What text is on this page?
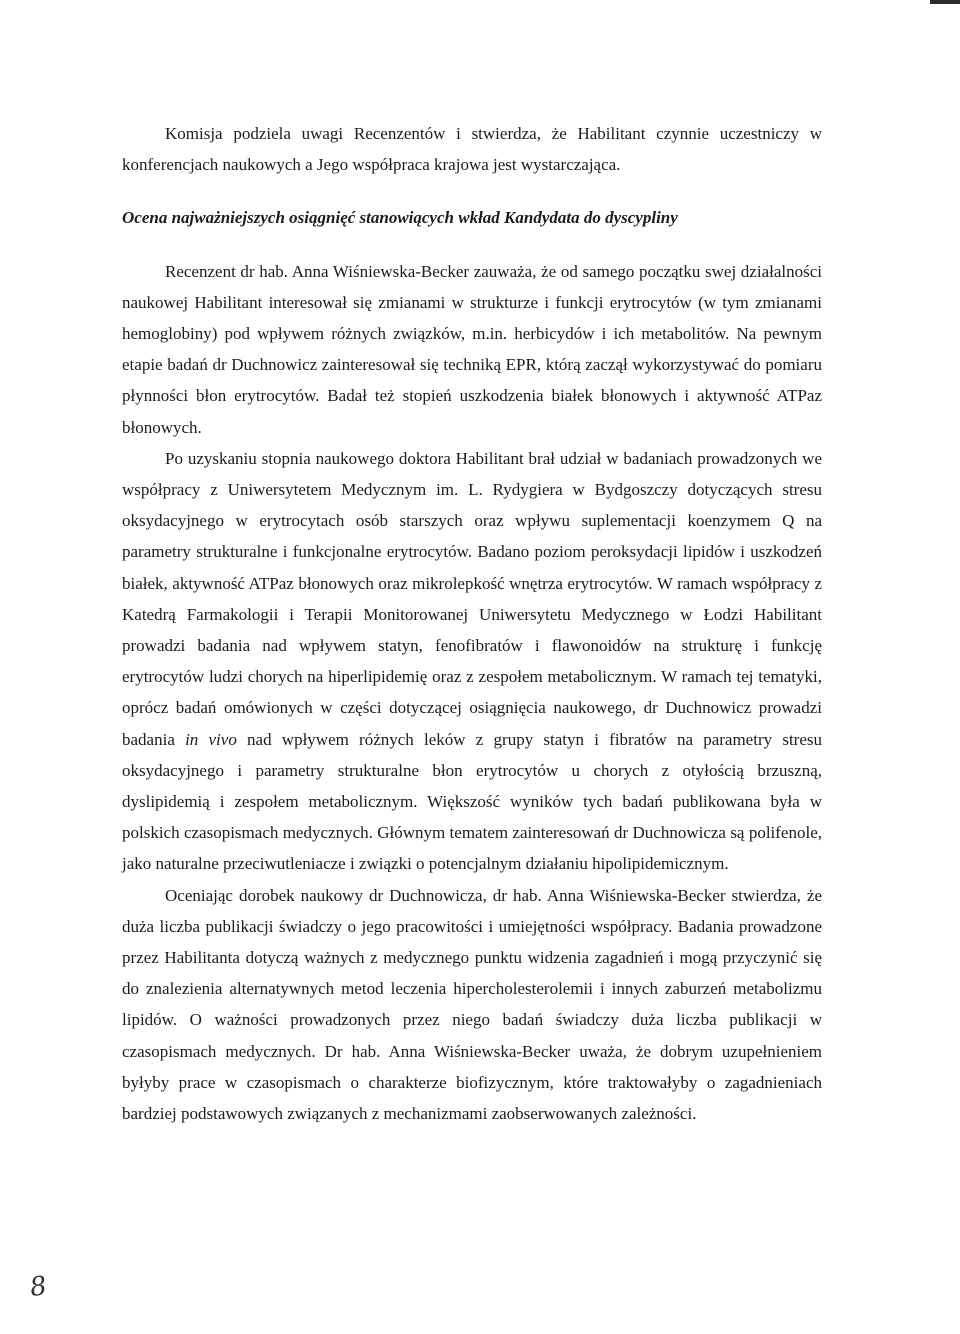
Komisja podziela uwagi Recenzentów i stwierdza, że Habilitant czynnie uczestniczy w konferencjach naukowych a Jego współpraca krajowa jest wystarczająca.

Ocena najważniejszych osiągnięć stanowiących wkład Kandydata do dyscypliny

Recenzent dr hab. Anna Wiśniewska-Becker zauważa, że od samego początku swej działalności naukowej Habilitant interesował się zmianami w strukturze i funkcji erytrocytów (w tym zmianami hemoglobiny) pod wpływem różnych związków, m.in. herbicydów i ich metabolitów. Na pewnym etapie badań dr Duchnowicz zainteresował się techniką EPR, którą zaczął wykorzystywać do pomiaru płynności błon erytrocytów. Badał też stopień uszkodzenia białek błonowych i aktywność ATPaz błonowych.

Po uzyskaniu stopnia naukowego doktora Habilitant brał udział w badaniach prowadzonych we współpracy z Uniwersytetem Medycznym im. L. Rydygiera w Bydgoszczy dotyczących stresu oksydacyjnego w erytrocytach osób starszych oraz wpływu suplementacji koenzymem Q na parametry strukturalne i funkcjonalne erytrocytów. Badano poziom peroksydacji lipidów i uszkodzeń białek, aktywność ATPaz błonowych oraz mikrolepkość wnętrza erytrocytów. W ramach współpracy z Katedrą Farmakologii i Terapii Monitorowanej Uniwersytetu Medycznego w Łodzi Habilitant prowadzi badania nad wpływem statyn, fenofibratów i flawonoidów na strukturę i funkcję erytrocytów ludzi chorych na hiperlipidemię oraz z zespołem metabolicznym. W ramach tej tematyki, oprócz badań omówionych w części dotyczącej osiągnięcia naukowego, dr Duchnowicz prowadzi badania in vivo nad wpływem różnych leków z grupy statyn i fibratów na parametry stresu oksydacyjnego i parametry strukturalne błon erytrocytów u chorych z otyłością brzuszną, dyslipidemią i zespołem metabolicznym. Większość wyników tych badań publikowana była w polskich czasopismach medycznych. Głównym tematem zainteresowań dr Duchnowicza są polifenole, jako naturalne przeciwutleniacze i związki o potencjalnym działaniu hipolipidemicznym.

Oceniając dorobek naukowy dr Duchnowicza, dr hab. Anna Wiśniewska-Becker stwierdza, że duża liczba publikacji świadczy o jego pracowitości i umiejętności współpracy. Badania prowadzone przez Habilitanta dotyczą ważnych z medycznego punktu widzenia zagadnień i mogą przyczynić się do znalezienia alternatywnych metod leczenia hipercholesterolemii i innych zaburzeń metabolizmu lipidów. O ważności prowadzonych przez niego badań świadczy duża liczba publikacji w czasopismach medycznych. Dr hab. Anna Wiśniewska-Becker uważa, że dobrym uzupełnieniem byłyby prace w czasopismach o charakterze biofizycznym, które traktowałyby o zagadnieniach bardziej podstawowych związanych z mechanizmami zaobserwowanych zależności.

8
